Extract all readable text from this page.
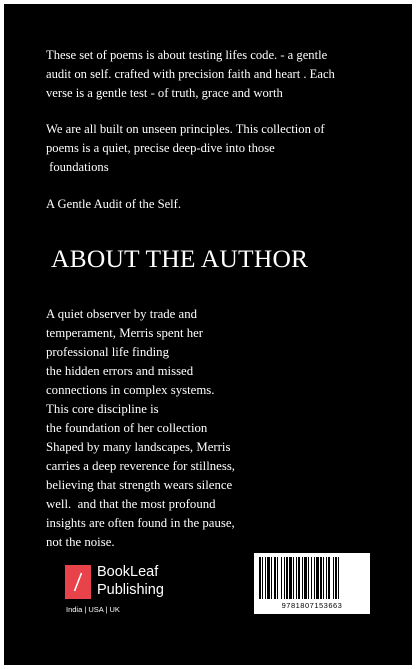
These set of poems is about testing lifes code. - a gentle
audit on self. crafted with precision faith and heart . Each
verse is a gentle test - of truth, grace and worth

We are all built on unseen principles. This collection of
poems is a quiet, precise deep-dive into those
foundations

A Gentle Audit of the Self.

ABOUT THE AUTHOR

A quiet observer by trade and
temperament, Merris spent her
professional life finding
the hidden errors and missed
connections in complex systems.
This core discipline is
the foundation of her collection
Shaped by many landscapes, Merris
carries a deep reverence for stillness,
believing that strength wears silence
well.  and that the most profound
insights are often found in the pause,
not the noise.

BookLeaf
Publishing

India | USA | UK	9781807153663
